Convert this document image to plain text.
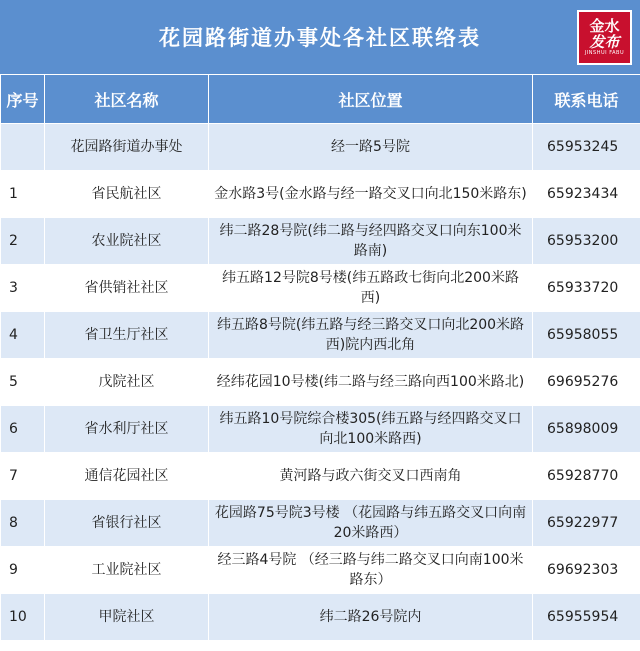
花园路街道办事处各社区联络表	金水
发布
JINSHUI FABU
序号	社区名称	社区位置	联系电话
	花园路街道办事处	经一路5号院	65953245
1	省民航社区	金水路3号(金水路与经一路交叉口向北150米路东)	65923434
2	农业院社区	纬二路28号院(纬二路与经四路交叉口向东100米路南)	65953200
3	省供销社社区	纬五路12号院8号楼(纬五路政七街向北200米路西)	65933720
4	省卫生厅社区	纬五路8号院(纬五路与经三路交叉口向北200米路西)院内西北角	65958055
5	戊院社区	经纬花园10号楼(纬二路与经三路向西100米路北)	69695276
6	省水利厅社区	纬五路10号院综合楼305(纬五路与经四路交叉口向北100米路西)	65898009
7	通信花园社区	黄河路与政六街交叉口西南角	65928770
8	省银行社区	花园路75号院3号楼 （花园路与纬五路交叉口向南20米路西）	65922977
9	工业院社区	经三路4号院 （经三路与纬二路交叉口向南100米路东）	69692303
10	甲院社区	纬二路26号院内	65955954
